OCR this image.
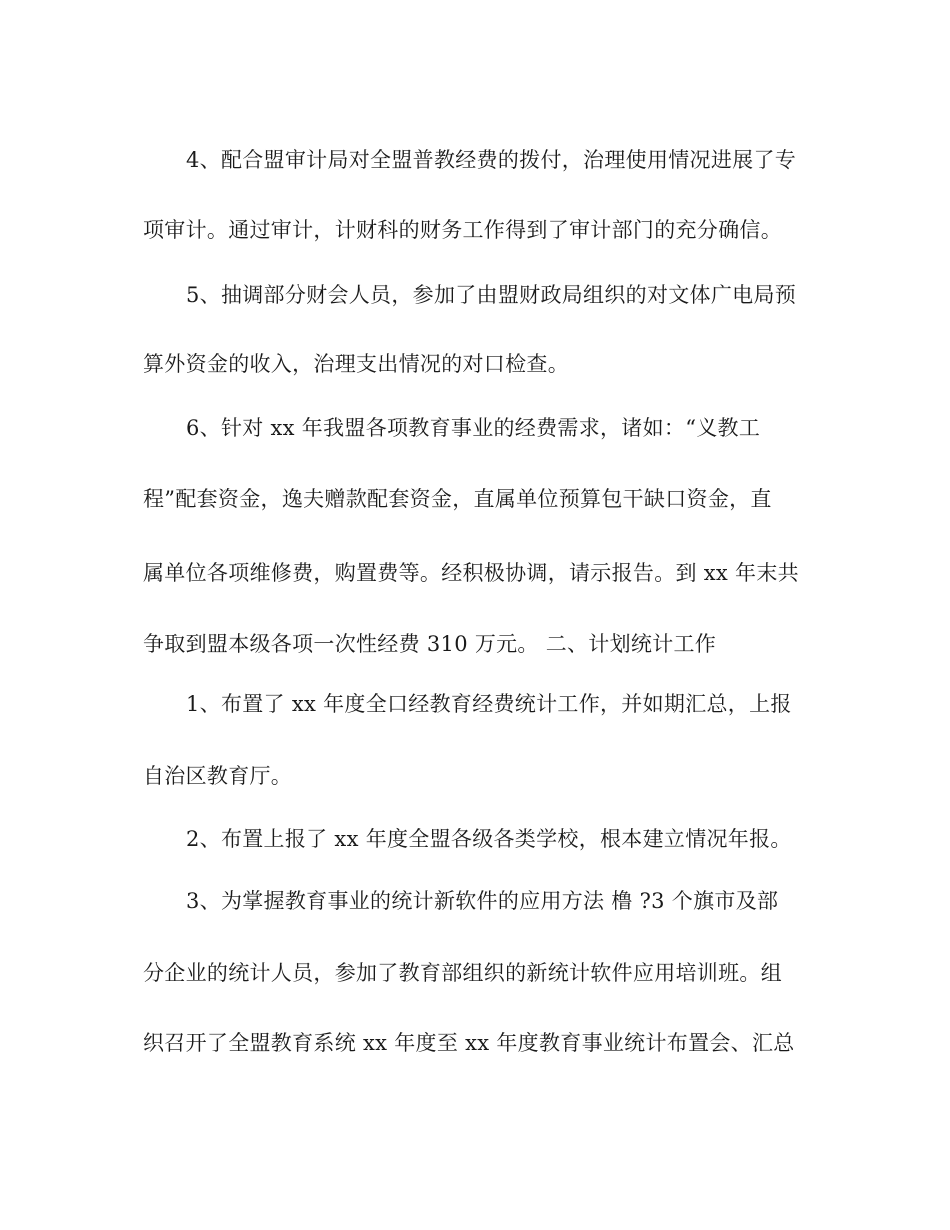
4、配合盟审计局对全盟普教经费的拨付，治理使用情况进展了专
项审计。通过审计，计财科的财务工作得到了审计部门的充分确信。
5、抽调部分财会人员，参加了由盟财政局组织的对文体广电局预
算外资金的收入，治理支出情况的对口检查。
6、针对 xx 年我盟各项教育事业的经费需求，诸如：“义教工
程”配套资金，逸夫赠款配套资金，直属单位预算包干缺口资金，直
属单位各项维修费，购置费等。经积极协调，请示报告。到 xx 年末共
争取到盟本级各项一次性经费 310 万元。 二、计划统计工作
1、布置了 xx 年度全口经教育经费统计工作，并如期汇总，上报
自治区教育厅。
2、布置上报了 xx 年度全盟各级各类学校，根本建立情况年报。
3、为掌握教育事业的统计新软件的应用方法 橹 ?3 个旗市及部
分企业的统计人员，参加了教育部组织的新统计软件应用培训班。组
织召开了全盟教育系统 xx 年度至 xx 年度教育事业统计布置会、汇总
